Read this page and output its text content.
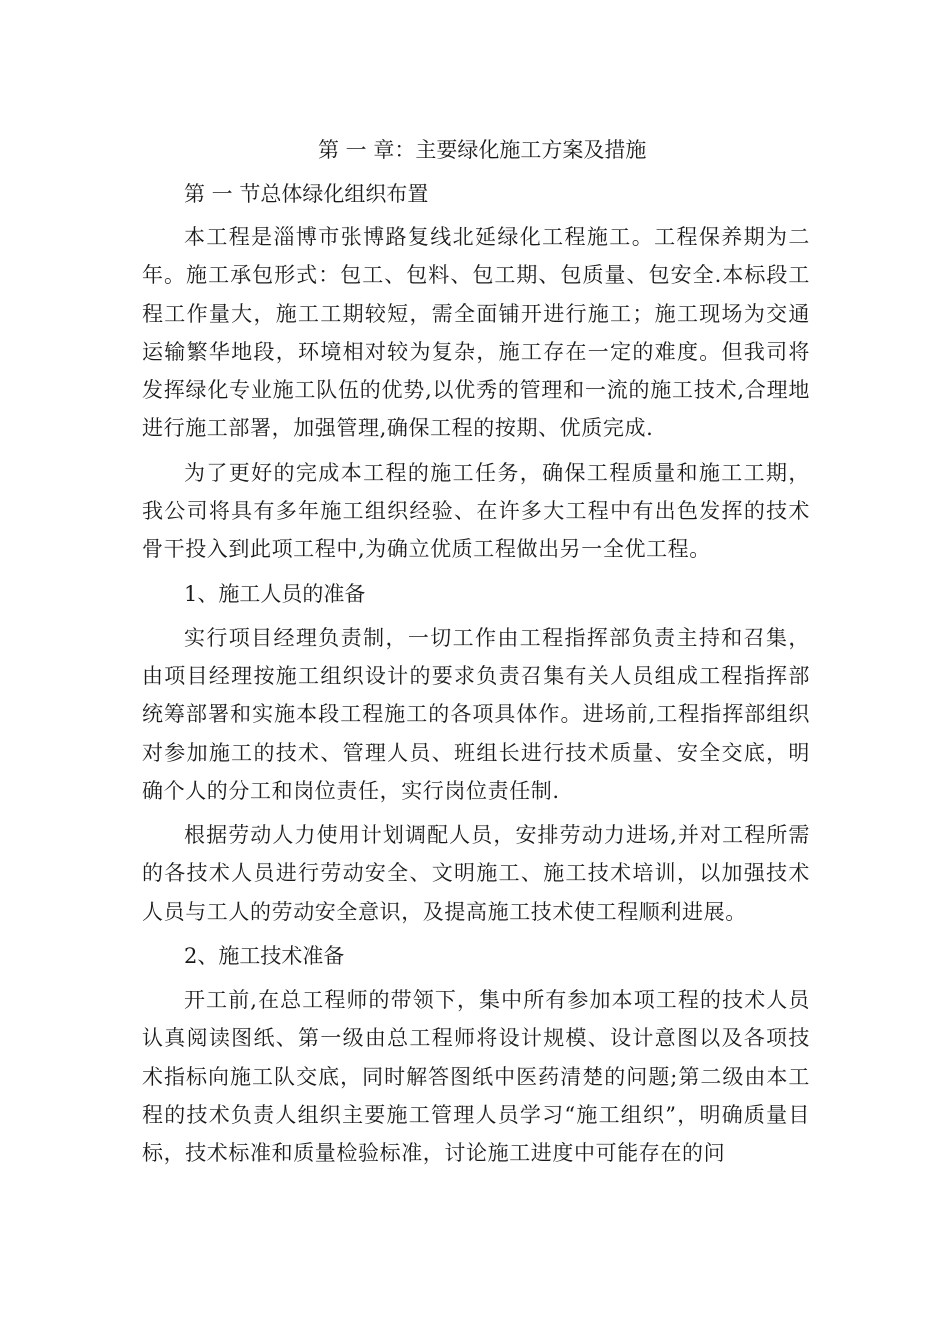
第 一 章：主要绿化施工方案及措施
第 一 节总体绿化组织布置

本工程是淄博市张博路复线北延绿化工程施工。工程保养期为二年。施工承包形式：包工、包料、包工期、包质量、包安全.本标段工程工作量大，施工工期较短，需全面铺开进行施工；施工现场为交通运输繁华地段，环境相对较为复杂，施工存在一定的难度。但我司将发挥绿化专业施工队伍的优势,以优秀的管理和一流的施工技术,合理地进行施工部署，加强管理,确保工程的按期、优质完成.

为了更好的完成本工程的施工任务，确保工程质量和施工工期，我公司将具有多年施工组织经验、在许多大工程中有出色发挥的技术骨干投入到此项工程中,为确立优质工程做出另一全优工程。

1、施工人员的准备

实行项目经理负责制，一切工作由工程指挥部负责主持和召集，由项目经理按施工组织设计的要求负责召集有关人员组成工程指挥部统筹部署和实施本段工程施工的各项具体作。进场前,工程指挥部组织对参加施工的技术、管理人员、班组长进行技术质量、安全交底，明确个人的分工和岗位责任，实行岗位责任制.

根据劳动人力使用计划调配人员，安排劳动力进场,并对工程所需的各技术人员进行劳动安全、文明施工、施工技术培训，以加强技术人员与工人的劳动安全意识，及提高施工技术使工程顺利进展。

2、施工技术准备

开工前,在总工程师的带领下，集中所有参加本项工程的技术人员认真阅读图纸、第一级由总工程师将设计规模、设计意图以及各项技术指标向施工队交底，同时解答图纸中医药清楚的问题;第二级由本工程的技术负责人组织主要施工管理人员学习“施工组织”，明确质量目标，技术标准和质量检验标准，讨论施工进度中可能存在的问
